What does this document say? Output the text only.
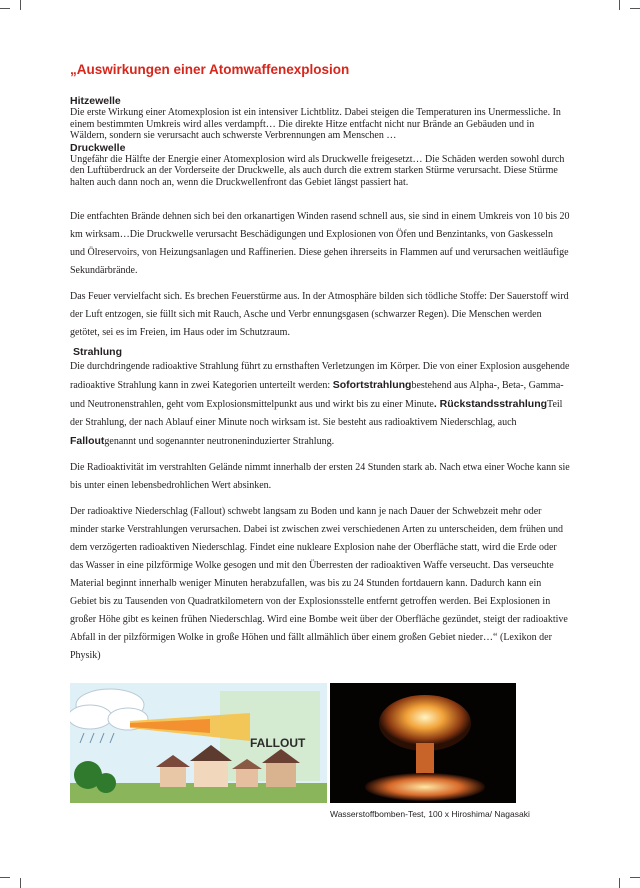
„Auswirkungen einer Atomwaffenexplosion
Hitzewelle

Die erste Wirkung einer Atomexplosion ist ein intensiver Lichtblitz. Dabei steigen die Temperaturen ins Unermessliche. In einem bestimmten Umkreis wird alles verdampft… Die direkte Hitze entfacht nicht nur Brände an Gebäuden und in Wäldern, sondern sie verursacht auch schwerste Verbrennungen am Menschen …

Druckwelle

Ungefähr die Hälfte der Energie einer Atomexplosion wird als Druckwelle freigesetzt… Die Schäden werden sowohl durch den Luftüberdruck an der Vorderseite der Druckwelle, als auch durch die extrem starken Stürme verursacht. Diese Stürme halten auch dann noch an, wenn die Druckwellenfront das Gebiet längst passiert hat.

Die entfachten Brände dehnen sich bei den orkanartigen Winden rasend schnell aus, sie sind in einem Umkreis von 10 bis 20 km wirksam…Die Druckwelle verursacht Beschädigungen und Explosionen von Öfen und Benzintanks, von Gaskesseln und Ölreservoirs, von Heizungsanlagen und Raffinerien. Diese gehen ihrerseits in Flammen auf und verursachen weitläufige Sekundärbrände.

Das Feuer vervielfacht sich. Es brechen Feuerstürme aus. In der Atmosphäre bilden sich tödliche Stoffe: Der Sauerstoff wird der Luft entzogen, sie füllt sich mit Rauch, Asche und Verbr ennungsgasen (schwarzer Regen). Die Menschen werden getötet, sei es im Freien, im Haus oder im Schutzraum.

Strahlung

Die durchdringende radioaktive Strahlung führt zu ernsthaften Verletzungen im Körper. Die von einer Explosion ausgehende radioaktive Strahlung kann in zwei Kategorien unterteilt werden: Sofortstrahlungbestehend aus Alpha-, Beta-, Gamma- und Neutronenstrahlen, geht vom Explosionsmittelpunkt aus und wirkt bis zu einer Minute. RückstandsstrahlungTeil der Strahlung, der nach Ablauf einer Minute noch wirksam ist. Sie besteht aus radioaktivem Niederschlag, auch Falloutgenannt und sogenannter neutroneninduzierter Strahlung.

Die Radioaktivität im verstrahlten Gelände nimmt innerhalb der ersten 24 Stunden stark ab. Nach etwa einer Woche kann sie bis unter einen lebensbedrohlichen Wert absinken.

Der radioaktive Niederschlag (Fallout) schwebt langsam zu Boden und kann je nach Dauer der Schwebzeit mehr oder minder starke Verstrahlungen verursachen. Dabei ist zwischen zwei verschiedenen Arten zu unterscheiden, dem frühen und dem verzögerten radioaktiven Niederschlag. Findet eine nukleare Explosion nahe der Oberfläche statt, wird die Erde oder das Wasser in eine pilzförmige Wolke gesogen und mit den Überresten der radioaktiven Waffe verseucht. Das verseuchte Material beginnt innerhalb weniger Minuten herabzufallen, was bis zu 24 Stunden fortdauern kann. Dadurch kann ein Gebiet bis zu Tausenden von Quadratkilometern von der Explosionsstelle entfernt getroffen werden. Bei Explosionen in großer Höhe gibt es keinen frühen Niederschlag. Wird eine Bombe weit über der Oberfläche gezündet, steigt der radioaktive Abfall in der pilzförmigen Wolke in große Höhen und fällt allmählich über einem großen Gebiet nieder…“ (Lexikon der Physik)

FALLOUT
Wasserstoffbomben-Test, 100 x Hiroshima/ Nagasaki
